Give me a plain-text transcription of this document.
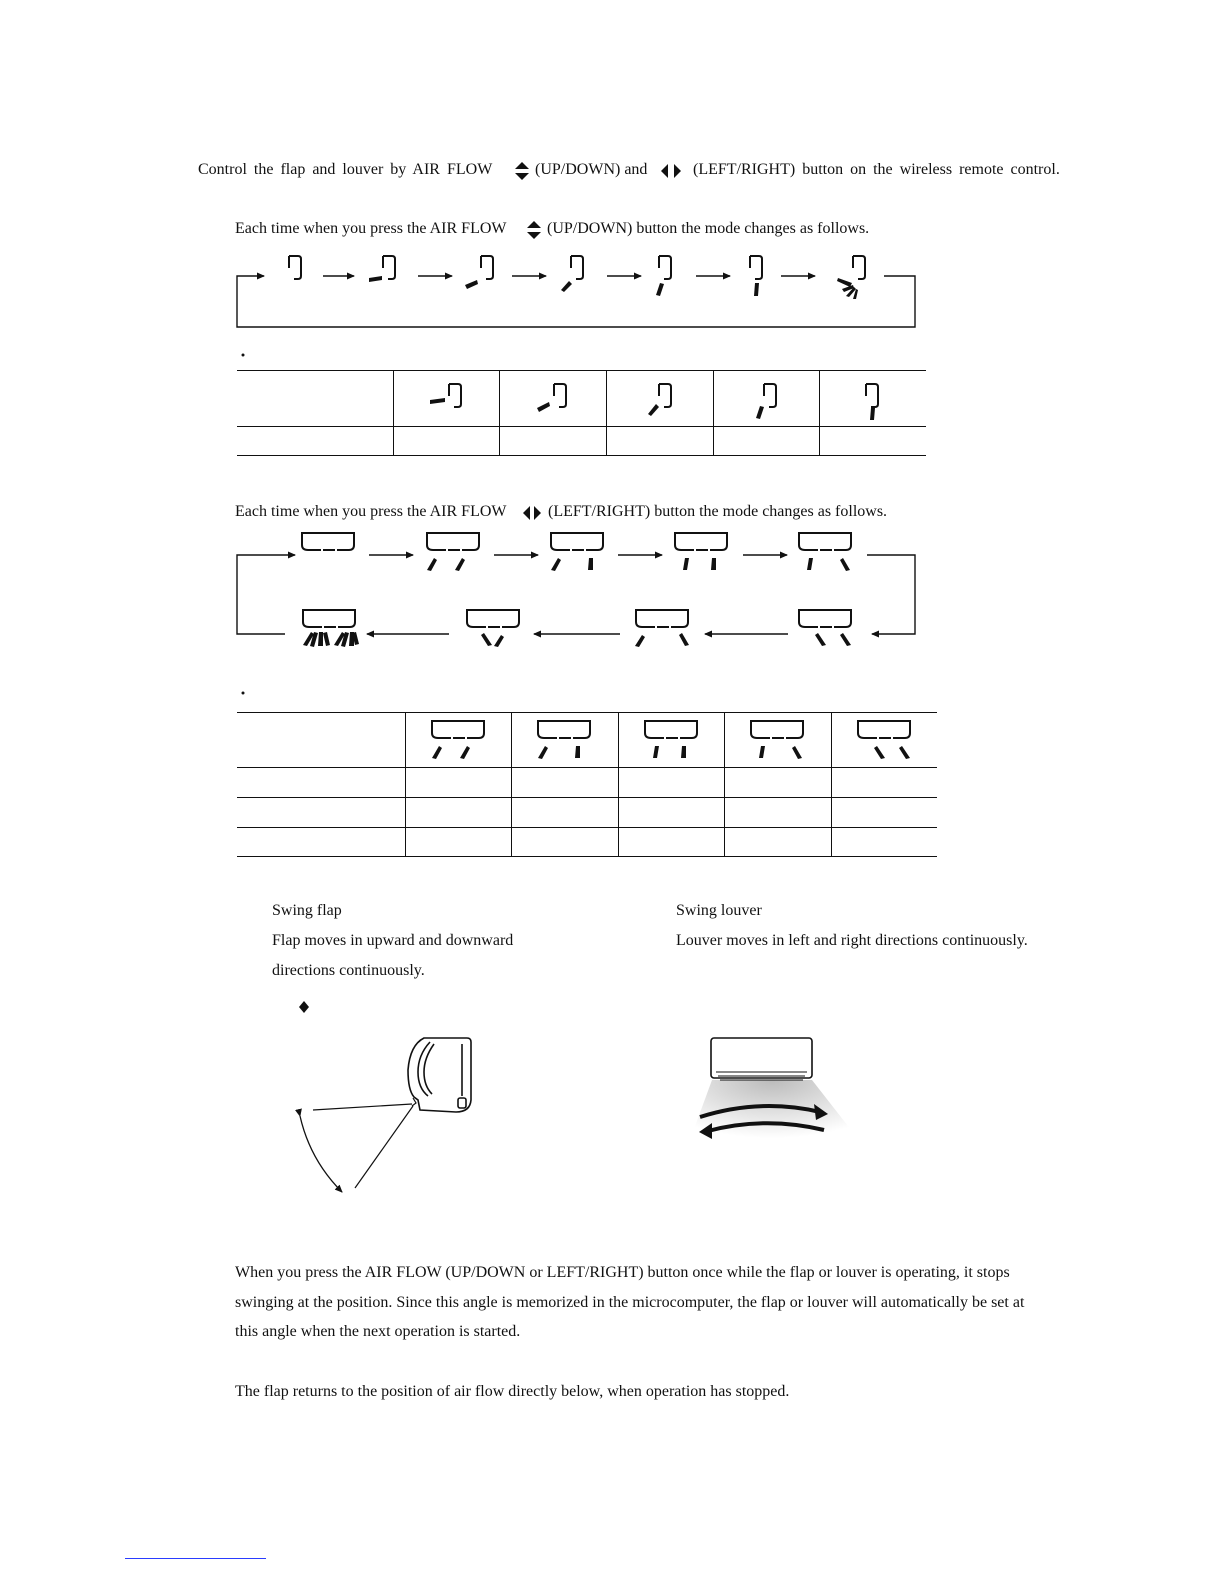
Control the flap and louver by AIR FLOW	(UP/DOWN) and	(LEFT/RIGHT) button on the wireless remote control.
Each time when you press the AIR FLOW	(UP/DOWN) button the mode changes as follows.
Each time when you press the AIR FLOW	(LEFT/RIGHT) button the mode changes as follows.
Swing flap
Flap moves in upward and downward
directions continuously.
Swing louver
Louver moves in left and right directions continuously.
When you press the AIR FLOW (UP/DOWN or LEFT/RIGHT) button once while the flap or louver is operating, it stops
swinging at the position. Since this angle is memorized in the microcomputer, the flap or louver will automatically be set at
this angle when the next operation is started.
The flap returns to the position of air flow directly below, when operation has stopped.
